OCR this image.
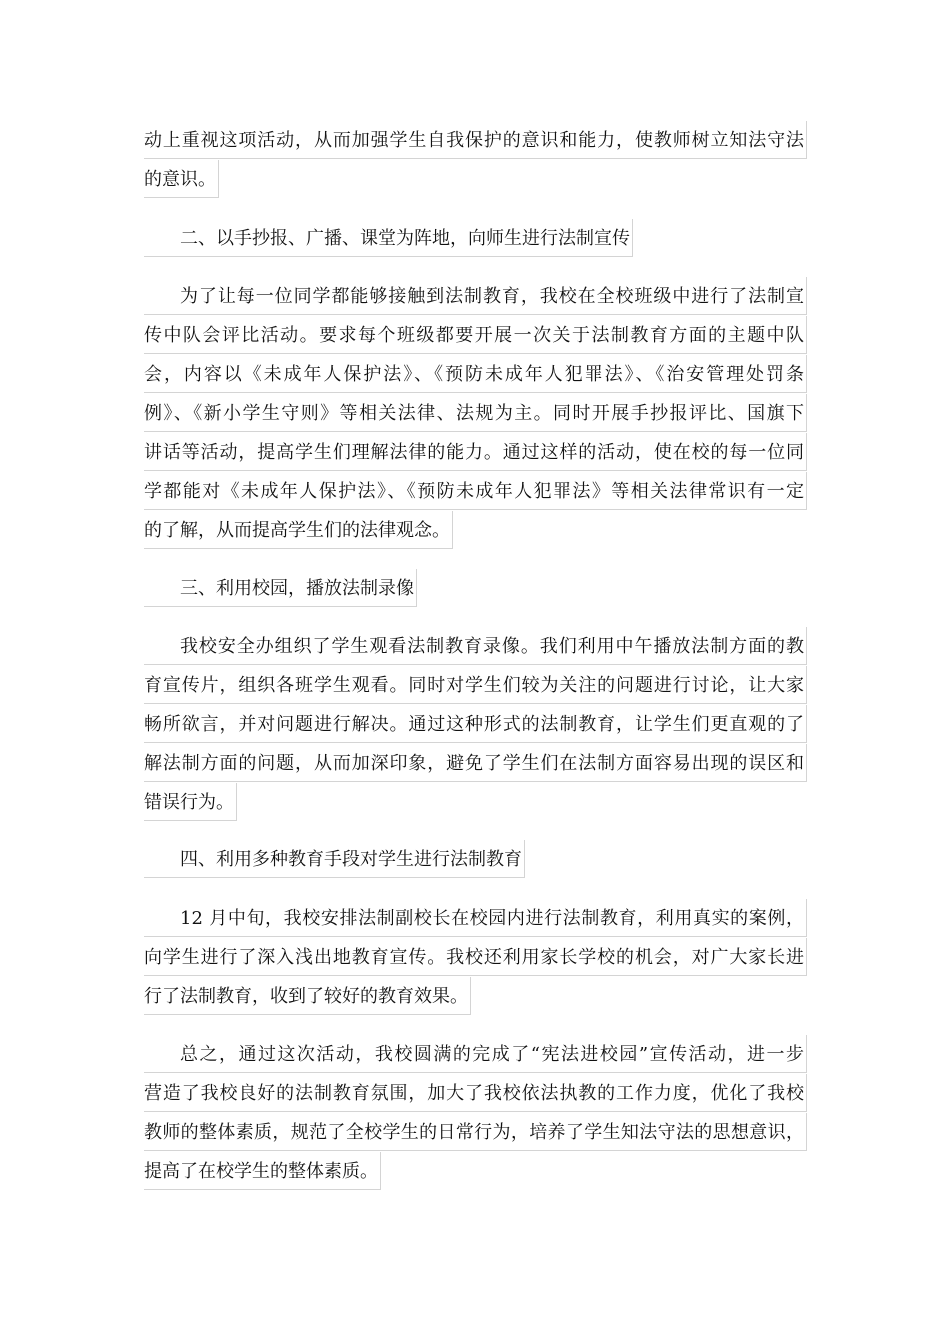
动上重视这项活动，从而加强学生自我保护的意识和能力，使教师树立知法守法
的意识。
二、以手抄报、广播、课堂为阵地，向师生进行法制宣传
为了让每一位同学都能够接触到法制教育，我校在全校班级中进行了法制宣
传中队会评比活动。要求每个班级都要开展一次关于法制教育方面的主题中队
会，内容以《未成年人保护法》、《预防未成年人犯罪法》、《治安管理处罚条
例》、《新小学生守则》等相关法律、法规为主。同时开展手抄报评比、国旗下
讲话等活动，提高学生们理解法律的能力。通过这样的活动，使在校的每一位同
学都能对《未成年人保护法》、《预防未成年人犯罪法》等相关法律常识有一定
的了解，从而提高学生们的法律观念。
三、利用校园，播放法制录像
我校安全办组织了学生观看法制教育录像。我们利用中午播放法制方面的教
育宣传片，组织各班学生观看。同时对学生们较为关注的问题进行讨论，让大家
畅所欲言，并对问题进行解决。通过这种形式的法制教育，让学生们更直观的了
解法制方面的问题，从而加深印象，避免了学生们在法制方面容易出现的误区和
错误行为。
四、利用多种教育手段对学生进行法制教育
12 月中旬，我校安排法制副校长在校园内进行法制教育，利用真实的案例，
向学生进行了深入浅出地教育宣传。我校还利用家长学校的机会，对广大家长进
行了法制教育，收到了较好的教育效果。
总之，通过这次活动，我校圆满的完成了“宪法进校园”宣传活动，进一步
营造了我校良好的法制教育氛围，加大了我校依法执教的工作力度，优化了我校
教师的整体素质，规范了全校学生的日常行为，培养了学生知法守法的思想意识，
提高了在校学生的整体素质。
